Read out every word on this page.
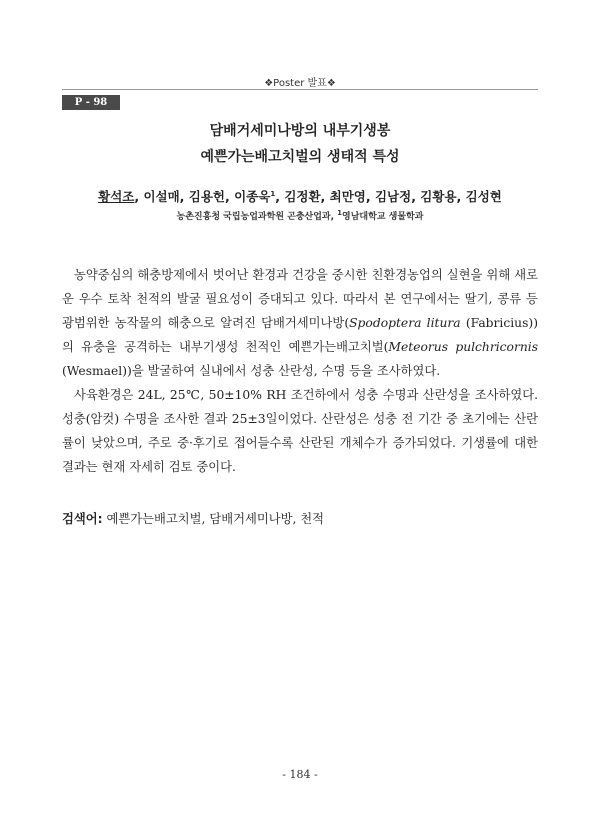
❖Poster 발표❖
P - 98
담배거세미나방의 내부기생봉
예쁜가는배고치벌의 생태적 특성
황석조, 이설매, 김용헌, 이종욱$^1$, 김정환, 최만영, 김남정, 김황용, 김성현
농촌진흥청 국립농업과학원 곤충산업과, $^1$영남대학교 생물학과

농약중심의 해충방제에서 벗어난 환경과 건강을 중시한 친환경농업의 실현을 위해 새로운 우수 토착 천적의 발굴 필요성이 증대되고 있다. 따라서 본 연구에서는 딸기, 콩류 등 광범위한 농작물의 해충으로 알려진 담배거세미나방(Spodoptera litura (Fabricius))의 유충을 공격하는 내부기생성 천적인 예쁜가는배고치벌(Meteorus pulchricornis (Wesmael))을 발굴하여 실내에서 성충 산란성, 수명 등을 조사하였다.

사육환경은 24L, 25℃, 50±10% RH 조건하에서 성충 수명과 산란성을 조사하였다. 성충(암컷) 수명을 조사한 결과 25±3일이었다. 산란성은 성충 전 기간 중 초기에는 산란률이 낮았으며, 주로 중·후기로 접어들수록 산란된 개체수가 증가되었다. 기생률에 대한 결과는 현재 자세히 검토 중이다.

검색어: 예쁜가는배고치벌, 담배거세미나방, 천적
- 184 -
